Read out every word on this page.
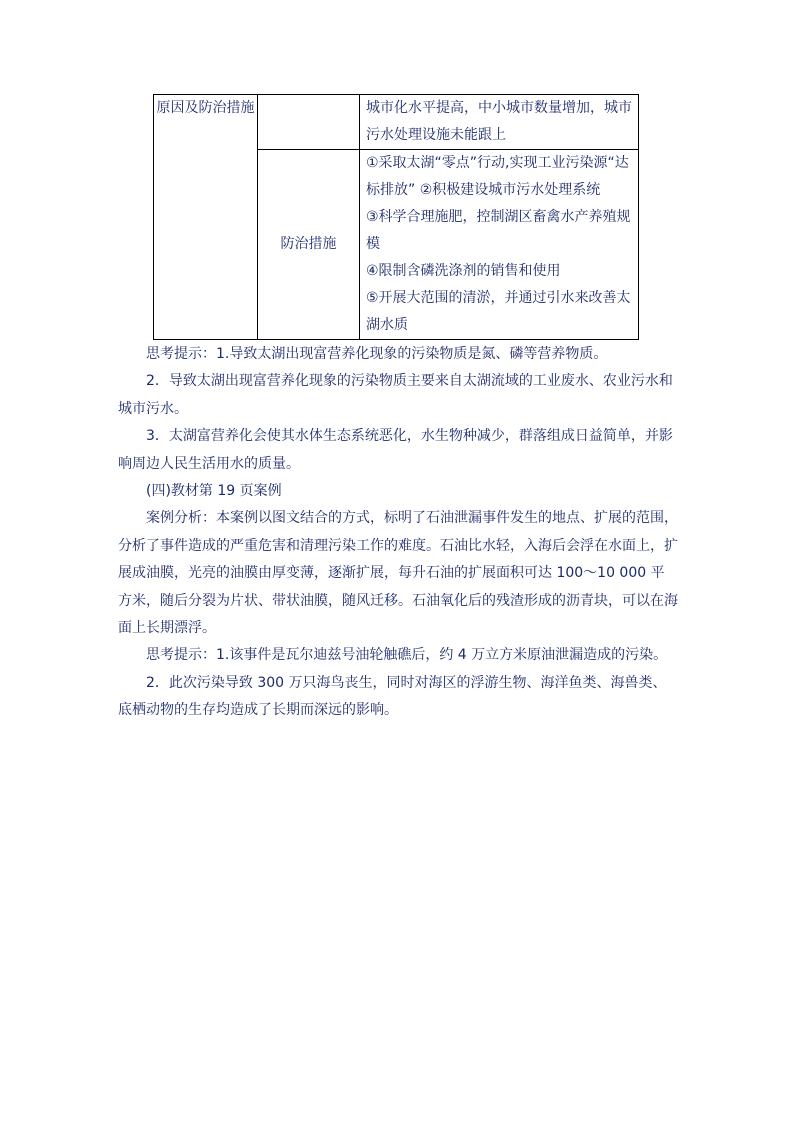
原因及防治措施		城市化水平提高，中小城市数量增加，城市污水处理设施未能跟上
	防治措施	①采取太湖“零点”行动,实现工业污染源“达标排放” ②积极建设城市污水处理系统
③科学合理施肥，控制湖区畜禽水产养殖规模
④限制含磷洗涤剂的销售和使用
⑤开展大范围的清淤，并通过引水来改善太湖水质

思考提示：1.导致太湖出现富营养化现象的污染物质是氮、磷等营养物质。

2．导致太湖出现富营养化现象的污染物质主要来自太湖流域的工业废水、农业污水和城市污水。

3．太湖富营养化会使其水体生态系统恶化，水生物种减少，群落组成日益简单，并影响周边人民生活用水的质量。

(四)教材第 19 页案例

案例分析：本案例以图文结合的方式，标明了石油泄漏事件发生的地点、扩展的范围，分析了事件造成的严重危害和清理污染工作的难度。石油比水轻，入海后会浮在水面上，扩展成油膜，光亮的油膜由厚变薄，逐渐扩展，每升石油的扩展面积可达 100～10 000 平方米，随后分裂为片状、带状油膜，随风迁移。石油氧化后的残渣形成的沥青块，可以在海面上长期漂浮。

思考提示：1.该事件是瓦尔迪兹号油轮触礁后，约 4 万立方米原油泄漏造成的污染。

2．此次污染导致 300 万只海鸟丧生，同时对海区的浮游生物、海洋鱼类、海兽类、底栖动物的生存均造成了长期而深远的影响。
